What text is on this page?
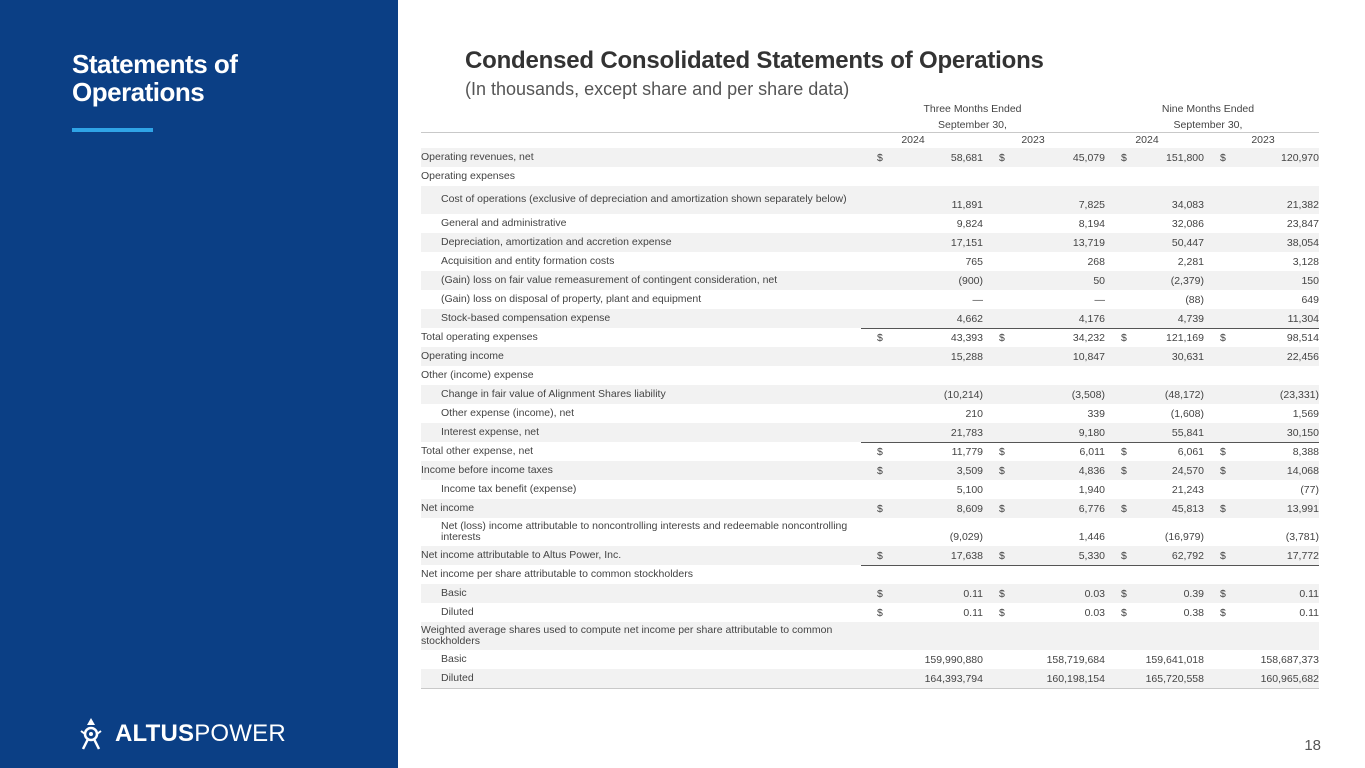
Statements of
Operations
ALTUS POWER
Condensed Consolidated Statements of Operations
(In thousands, except share and per share data)
Three Months Ended
September 30,
Nine Months Ended
September 30,
2024	2023	2024	2023
Operating revenues, net	$	58,681 $	45,079 $	151,800 $	120,970
Operating expenses
Cost of operations (exclusive of depreciation and amortization shown separately below)	11,891	7,825	34,083	21,382
General and administrative	9,824	8,194	32,086	23,847
Depreciation, amortization and accretion expense	17,151	13,719	50,447	38,054
Acquisition and entity formation costs	765	268	2,281	3,128
(Gain) loss on fair value remeasurement of contingent consideration, net	(900)	50	(2,379)	150
(Gain) loss on disposal of property, plant and equipment	—	—	(88)	649
Stock-based compensation expense	4,662	4,176	4,739	11,304
Total operating expenses	$	43,393 $	34,232 $	121,169 $	98,514
Operating income	15,288	10,847	30,631	22,456
Other (income) expense
Change in fair value of Alignment Shares liability	(10,214)	(3,508)	(48,172)	(23,331)
Other expense (income), net	210	339	(1,608)	1,569
Interest expense, net	21,783	9,180	55,841	30,150
Total other expense, net	$	11,779 $	6,011 $	6,061 $	8,388
Income before income taxes	$	3,509 $	4,836 $	24,570 $	14,068
Income tax benefit (expense)	5,100	1,940	21,243	(77)
Net income	$	8,609 $	6,776 $	45,813 $	13,991
Net (loss) income attributable to noncontrolling interests and redeemable noncontrolling interests	(9,029)	1,446	(16,979)	(3,781)
Net income attributable to Altus Power, Inc.	$	17,638 $	5,330 $	62,792 $	17,772
Net income per share attributable to common stockholders
Basic	$	0.11 $	0.03 $	0.39 $	0.11
Diluted	$	0.11 $	0.03 $	0.38 $	0.11
Weighted average shares used to compute net income per share attributable to common stockholders
Basic	159,990,880	158,719,684	159,641,018	158,687,373
Diluted	164,393,794	160,198,154	165,720,558	160,965,682
18
